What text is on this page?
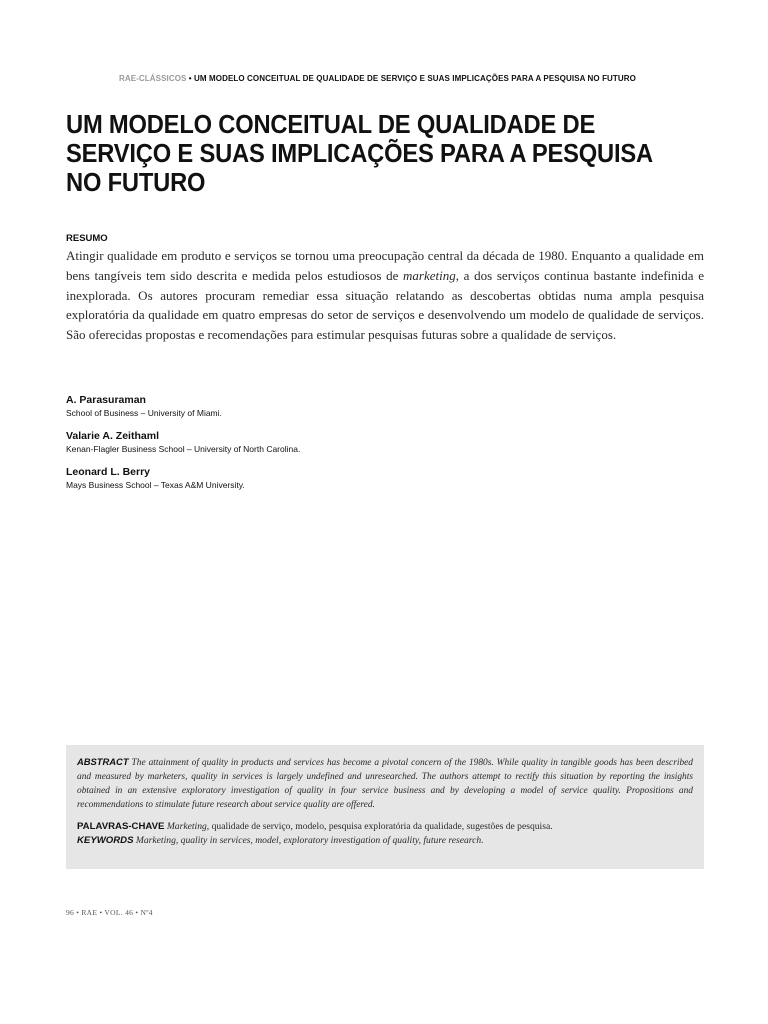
RAE-CLÁSSICOS • UM MODELO CONCEITUAL DE QUALIDADE DE SERVIÇO E SUAS IMPLICAÇÕES PARA A PESQUISA NO FUTURO
UM MODELO CONCEITUAL DE QUALIDADE DE SERVIÇO E SUAS IMPLICAÇÕES PARA A PESQUISA NO FUTURO
RESUMO

Atingir qualidade em produto e serviços se tornou uma preocupação central da década de 1980. Enquanto a qualidade em bens tangíveis tem sido descrita e medida pelos estudiosos de marketing, a dos serviços continua bastante indefinida e inexplorada. Os autores procuram remediar essa situação relatando as descobertas obtidas numa ampla pesquisa exploratória da qualidade em quatro empresas do setor de serviços e desenvolvendo um modelo de qualidade de serviços. São oferecidas propostas e recomendações para estimular pesquisas futuras sobre a qualidade de serviços.

A. Parasuraman
School of Business – University of Miami.
Valarie A. Zeithaml
Kenan-Flagler Business School – University of North Carolina.
Leonard L. Berry
Mays Business School – Texas A&M University.

ABSTRACT The attainment of quality in products and services has become a pivotal concern of the 1980s. While quality in tangible goods has been described and measured by marketers, quality in services is largely undefined and unresearched. The authors attempt to rectify this situation by reporting the insights obtained in an extensive exploratory investigation of quality in four service business and by developing a model of service quality. Propositions and recommendations to stimulate future research about service quality are offered.

PALAVRAS-CHAVE Marketing, qualidade de serviço, modelo, pesquisa exploratória da qualidade, sugestões de pesquisa.
KEYWORDS Marketing, quality in services, model, exploratory investigation of quality, future research.
96 • RAE • VOL. 46 • Nº4
